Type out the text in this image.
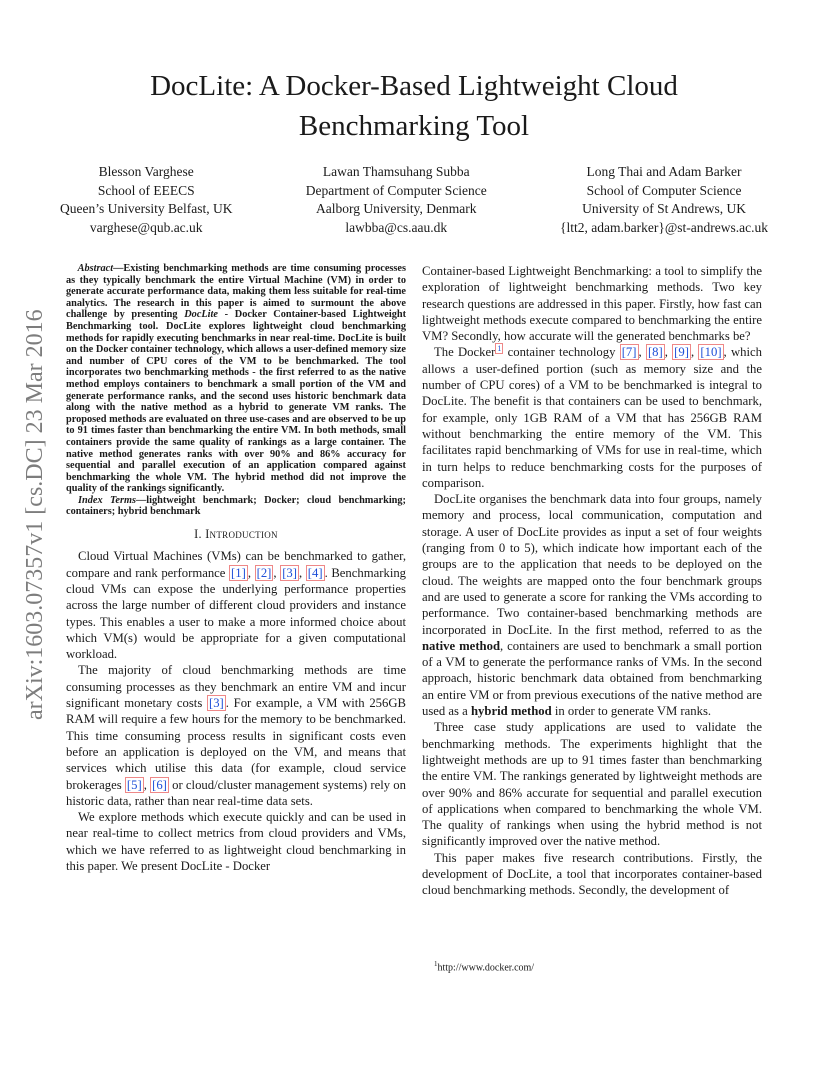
DocLite: A Docker-Based Lightweight Cloud
Benchmarking Tool
Blesson Varghese
School of EEECS
Queen’s University Belfast, UK
varghese@qub.ac.uk
Lawan Thamsuhang Subba
Department of Computer Science
Aalborg University, Denmark
lawbba@cs.aau.dk
Long Thai and Adam Barker
School of Computer Science
University of St Andrews, UK
{ltt2, adam.barker}@st-andrews.ac.uk
arXiv:1603.07357v1 [cs.DC] 23 Mar 2016
Abstract—Existing benchmarking methods are time consuming processes as they typically benchmark the entire Virtual Machine (VM) in order to generate accurate performance data, making them less suitable for real-time analytics. The research in this paper is aimed to surmount the above challenge by presenting DocLite - Docker Container-based Lightweight Benchmarking tool. DocLite explores lightweight cloud benchmarking methods for rapidly executing benchmarks in near real-time. DocLite is built on the Docker container technology, which allows a user-defined memory size and number of CPU cores of the VM to be benchmarked. The tool incorporates two benchmarking methods - the first referred to as the native method employs containers to benchmark a small portion of the VM and generate performance ranks, and the second uses historic benchmark data along with the native method as a hybrid to generate VM ranks. The proposed methods are evaluated on three use-cases and are observed to be up to 91 times faster than benchmarking the entire VM. In both methods, small containers provide the same quality of rankings as a large container. The native method generates ranks with over 90% and 86% accuracy for sequential and parallel execution of an application compared against benchmarking the whole VM. The hybrid method did not improve the quality of the rankings significantly.
Index Terms—lightweight benchmark; Docker; cloud benchmarking; containers; hybrid benchmark
I. Introduction

Cloud Virtual Machines (VMs) can be benchmarked to gather, compare and rank performance [1] , [2] , [3] , [4] . Benchmarking cloud VMs can expose the underlying performance properties across the large number of different cloud providers and instance types. This enables a user to make a more informed choice about which VM(s) would be appropriate for a given computational workload.

The majority of cloud benchmarking methods are time consuming processes as they benchmark an entire VM and incur significant monetary costs [3] . For example, a VM with 256GB RAM will require a few hours for the memory to be benchmarked. This time consuming process results in significant costs even before an application is deployed on the VM, and means that services which utilise this data (for example, cloud service brokerages [5] , [6] or cloud/cluster management systems) rely on historic data, rather than near real-time data sets.

We explore methods which execute quickly and can be used in near real-time to collect metrics from cloud providers and VMs, which we have referred to as lightweight cloud benchmarking in this paper. We present DocLite - Docker

Container-based Lightweight Benchmarking: a tool to simplify the exploration of lightweight benchmarking methods. Two key research questions are addressed in this paper. Firstly, how fast can lightweight methods execute compared to benchmarking the entire VM? Secondly, how accurate will the generated benchmarks be?

The Docker $^1$ container technology [7] , [8] , [9] , [10] , which allows a user-defined portion (such as memory size and the number of CPU cores) of a VM to be benchmarked is integral to DocLite. The benefit is that containers can be used to benchmark, for example, only 1GB RAM of a VM that has 256GB RAM without benchmarking the entire memory of the VM. This facilitates rapid benchmarking of VMs for use in real-time, which in turn helps to reduce benchmarking costs for the purposes of comparison.

DocLite organises the benchmark data into four groups, namely memory and process, local communication, computation and storage. A user of DocLite provides as input a set of four weights (ranging from 0 to 5), which indicate how important each of the groups are to the application that needs to be deployed on the cloud. The weights are mapped onto the four benchmark groups and are used to generate a score for ranking the VMs according to performance. Two container-based benchmarking methods are incorporated in DocLite. In the first method, referred to as the native method, containers are used to benchmark a small portion of a VM to generate the performance ranks of VMs. In the second approach, historic benchmark data obtained from benchmarking an entire VM or from previous executions of the native method are used as a hybrid method in order to generate VM ranks.

Three case study applications are used to validate the benchmarking methods. The experiments highlight that the lightweight methods are up to 91 times faster than benchmarking the entire VM. The rankings generated by lightweight methods are over 90% and 86% accurate for sequential and parallel execution of applications when compared to benchmarking the whole VM. The quality of rankings when using the hybrid method is not significantly improved over the native method.

This paper makes five research contributions. Firstly, the development of DocLite, a tool that incorporates container-based cloud benchmarking methods. Secondly, the development of

$^1$http://www.docker.com/
